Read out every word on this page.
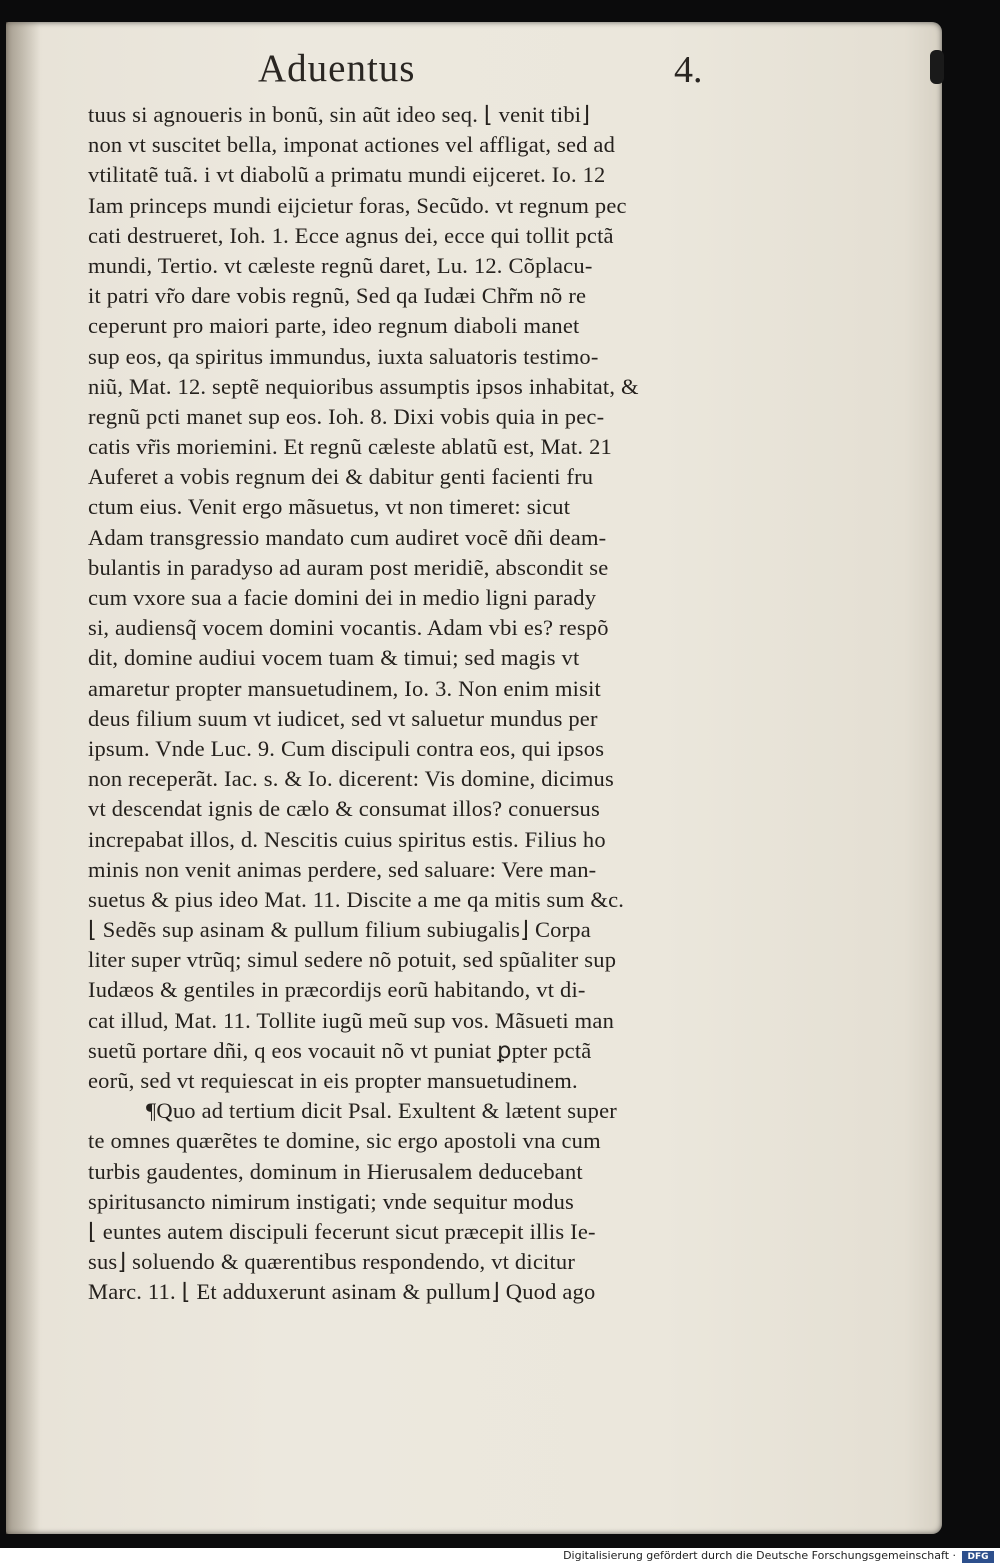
Aduentus	4.
tuus si agnoueris in bonũ, sin aũt ideo seq. ⌊ venit tibi⌋
non vt suscitet bella, imponat actiones vel affligat, sed ad
vtilitatẽ tuã. i vt diabolũ a primatu mundi eijceret. Io. 12
Iam princeps mundi eijcietur foras, Secũdo. vt regnum pec
cati destrueret, Ioh. 1. Ecce agnus dei, ecce qui tollit pctã
mundi, Tertio. vt cæleste regnũ daret, Lu. 12. Cõplacu-
it patri vr̃o dare vobis regnũ, Sed qa Iudæi Chr̃m nõ re
ceperunt pro maiori parte, ideo regnum diaboli manet
sup eos, qa spiritus immundus, iuxta saluatoris testimo-
niũ, Mat. 12. septẽ nequioribus assumptis ipsos inhabitat, &
regnũ pcti manet sup eos. Ioh. 8. Dixi vobis quia in pec-
catis vr̃is moriemini. Et regnũ cæleste ablatũ est, Mat. 21
Auferet a vobis regnum dei & dabitur genti facienti fru
ctum eius. Venit ergo mãsuetus, vt non timeret: sicut
Adam transgressio mandato cum audiret vocẽ dñi deam-
bulantis in paradyso ad auram post meridiẽ, abscondit se
cum vxore sua a facie domini dei in medio ligni parady
si, audiensq̃ vocem domini vocantis. Adam vbi es? respõ
dit, domine audiui vocem tuam & timui; sed magis vt
amaretur propter mansuetudinem, Io. 3. Non enim misit
deus filium suum vt iudicet, sed vt saluetur mundus per
ipsum. Vnde Luc. 9. Cum discipuli contra eos, qui ipsos
non receperãt. Iac. s. & Io. dicerent: Vis domine, dicimus
vt descendat ignis de cælo & consumat illos? conuersus
increpabat illos, d. Nescitis cuius spiritus estis. Filius ho
minis non venit animas perdere, sed saluare: Vere man-
suetus & pius ideo Mat. 11. Discite a me qa mitis sum &c.
⌊ Sedẽs sup asinam & pullum filium subiugalis⌋ Corpa
liter super vtrũq; simul sedere nõ potuit, sed spũaliter sup
Iudæos & gentiles in præcordijs eorũ habitando, vt di-
cat illud, Mat. 11. Tollite iugũ meũ sup vos. Mãsueti man
suetũ portare dñi, q eos vocauit nõ vt puniat ꝑpter pctã
eorũ, sed vt requiescat in eis propter mansuetudinem.
¶Quo ad tertium dicit Psal. Exultent & lætent super
te omnes quærẽtes te domine, sic ergo apostoli vna cum
turbis gaudentes, dominum in Hierusalem deducebant
spiritusancto nimirum instigati; vnde sequitur modus
⌊ euntes autem discipuli fecerunt sicut præcepit illis Ie-
sus⌋ soluendo & quærentibus respondendo, vt dicitur
Marc. 11. ⌊ Et adduxerunt asinam & pullum⌋ Quod ago
Digitalisierung gefördert durch die Deutsche Forschungsgemeinschaft ·	DFG
